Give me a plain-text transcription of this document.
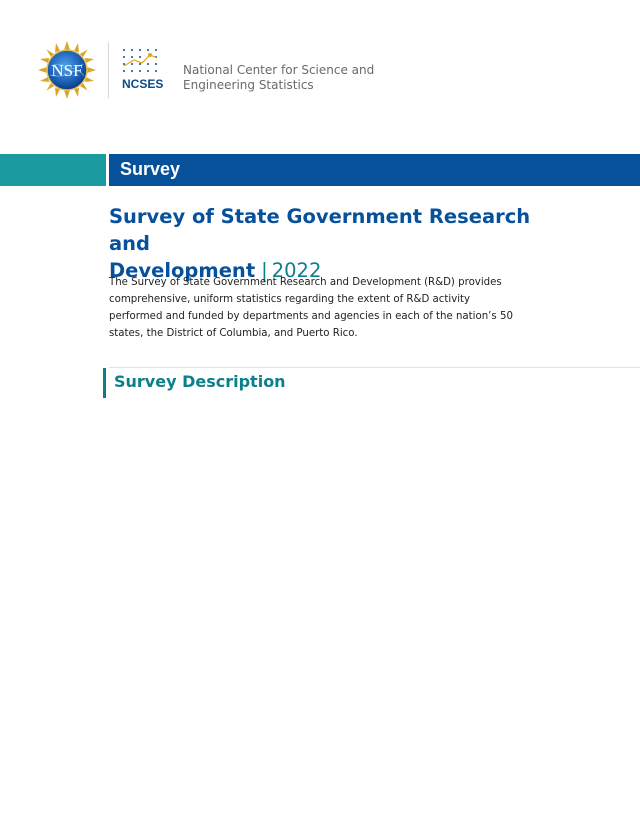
NSF
NCSES
National Center for Science and
Engineering Statistics
Survey
Survey of State Government Research and
Development | 2022

The Survey of State Government Research and Development (R&D) provides comprehensive, uniform statistics regarding the extent of R&D activity performed and funded by departments and agencies in each of the nation’s 50 states, the District of Columbia, and Puerto Rico.

Survey Description
